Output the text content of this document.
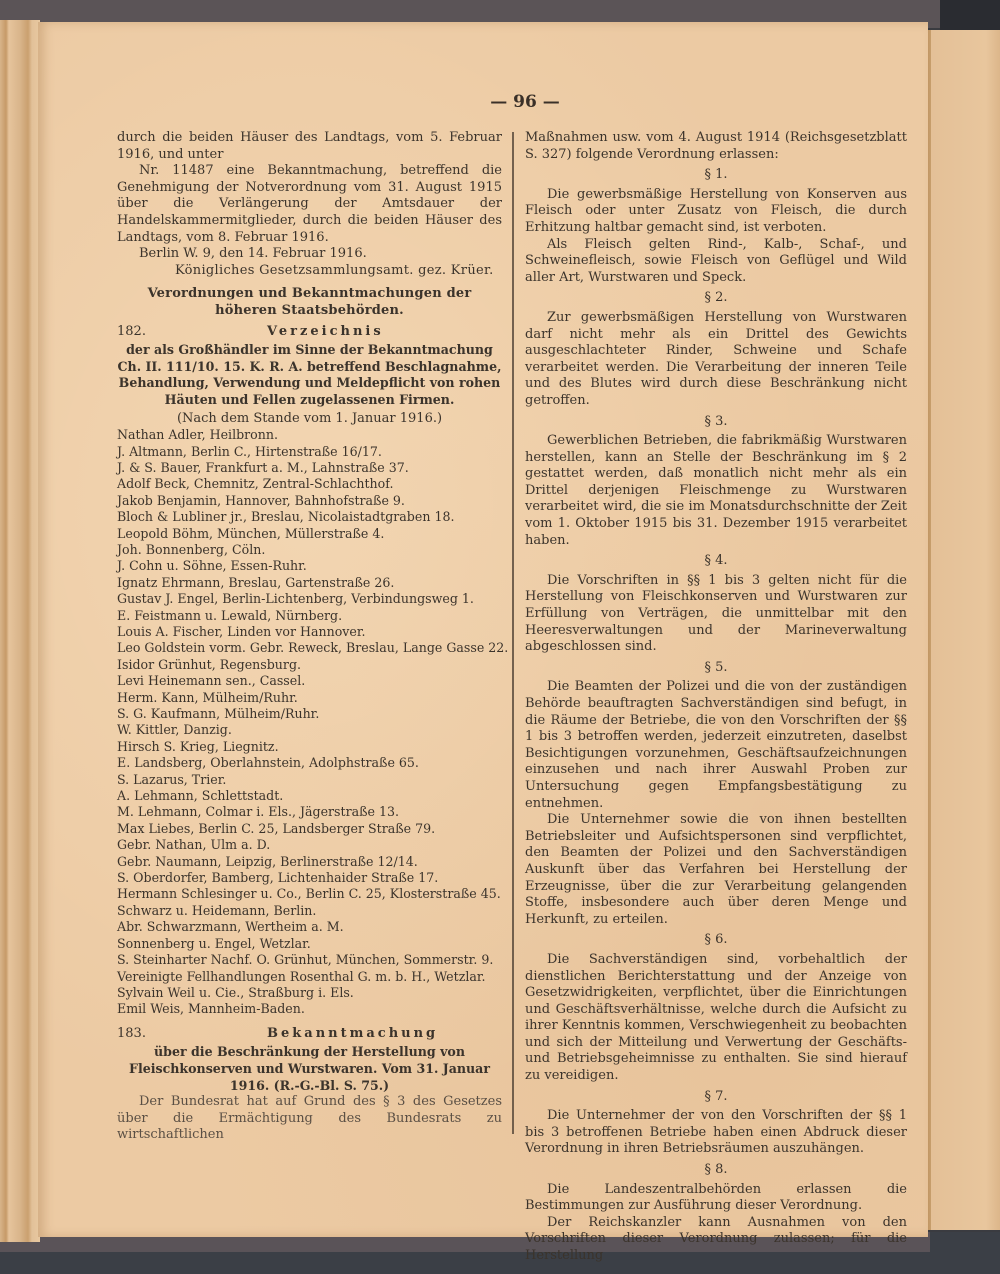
— 96 —

durch die beiden Häuser des Landtags, vom 5. Februar 1916, und unter

Nr. 11487 eine Bekanntmachung, betreffend die Genehmigung der Notverordnung vom 31. August 1915 über die Verlängerung der Amtsdauer der Handelskammermitglieder, durch die beiden Häuser des Landtags, vom 8. Februar 1916.

Berlin W. 9, den 14. Februar 1916.

Königliches Gesetzsammlungsamt. gez. Krüer.

Verordnungen und Bekanntmachungen der höheren Staatsbehörden.
182.	Verzeichnis
der als Großhändler im Sinne der Bekanntmachung Ch. II. 111/10. 15. K. R. A. betreffend Beschlagnahme, Behandlung, Verwendung und Meldepflicht von rohen Häuten und Fellen zugelassenen Firmen.
(Nach dem Stande vom 1. Januar 1916.)

Nathan Adler, Heilbronn.

J. Altmann, Berlin C., Hirtenstraße 16/17.

J. & S. Bauer, Frankfurt a. M., Lahnstraße 37.

Adolf Beck, Chemnitz, Zentral-Schlachthof.

Jakob Benjamin, Hannover, Bahnhofstraße 9.

Bloch & Lubliner jr., Breslau, Nicolaistadtgraben 18.

Leopold Böhm, München, Müllerstraße 4.

Joh. Bonnenberg, Cöln.

J. Cohn u. Söhne, Essen-Ruhr.

Ignatz Ehrmann, Breslau, Gartenstraße 26.

Gustav J. Engel, Berlin-Lichtenberg, Verbindungsweg 1.

E. Feistmann u. Lewald, Nürnberg.

Louis A. Fischer, Linden vor Hannover.

Leo Goldstein vorm. Gebr. Reweck, Breslau, Lange Gasse 22.

Isidor Grünhut, Regensburg.

Levi Heinemann sen., Cassel.

Herm. Kann, Mülheim/Ruhr.

S. G. Kaufmann, Mülheim/Ruhr.

W. Kittler, Danzig.

Hirsch S. Krieg, Liegnitz.

E. Landsberg, Oberlahnstein, Adolphstraße 65.

S. Lazarus, Trier.

A. Lehmann, Schlettstadt.

M. Lehmann, Colmar i. Els., Jägerstraße 13.

Max Liebes, Berlin C. 25, Landsberger Straße 79.

Gebr. Nathan, Ulm a. D.

Gebr. Naumann, Leipzig, Berlinerstraße 12/14.

S. Oberdorfer, Bamberg, Lichtenhaider Straße 17.

Hermann Schlesinger u. Co., Berlin C. 25, Klosterstraße 45.

Schwarz u. Heidemann, Berlin.

Abr. Schwarzmann, Wertheim a. M.

Sonnenberg u. Engel, Wetzlar.

S. Steinharter Nachf. O. Grünhut, München, Sommerstr. 9.

Vereinigte Fellhandlungen Rosenthal G. m. b. H., Wetzlar.

Sylvain Weil u. Cie., Straßburg i. Els.

Emil Weis, Mannheim-Baden.

183.	Bekanntmachung
über die Beschränkung der Herstellung von Fleischkonserven und Wurstwaren. Vom 31. Januar 1916. (R.-G.-Bl. S. 75.)

Der Bundesrat hat auf Grund des § 3 des Gesetzes über die Ermächtigung des Bundesrats zu wirtschaftlichen

Maßnahmen usw. vom 4. August 1914 (Reichsgesetzblatt S. 327) folgende Verordnung erlassen:

§ 1.

Die gewerbsmäßige Herstellung von Konserven aus Fleisch oder unter Zusatz von Fleisch, die durch Erhitzung haltbar gemacht sind, ist verboten.

Als Fleisch gelten Rind-, Kalb-, Schaf-, und Schweinefleisch, sowie Fleisch von Geflügel und Wild aller Art, Wurstwaren und Speck.

§ 2.

Zur gewerbsmäßigen Herstellung von Wurstwaren darf nicht mehr als ein Drittel des Gewichts ausgeschlachteter Rinder, Schweine und Schafe verarbeitet werden. Die Verarbeitung der inneren Teile und des Blutes wird durch diese Beschränkung nicht getroffen.

§ 3.

Gewerblichen Betrieben, die fabrikmäßig Wurstwaren herstellen, kann an Stelle der Beschränkung im § 2 gestattet werden, daß monatlich nicht mehr als ein Drittel derjenigen Fleischmenge zu Wurstwaren verarbeitet wird, die sie im Monatsdurchschnitte der Zeit vom 1. Oktober 1915 bis 31. Dezember 1915 verarbeitet haben.

§ 4.

Die Vorschriften in §§ 1 bis 3 gelten nicht für die Herstellung von Fleischkonserven und Wurstwaren zur Erfüllung von Verträgen, die unmittelbar mit den Heeresverwaltungen und der Marineverwaltung abgeschlossen sind.

§ 5.

Die Beamten der Polizei und die von der zuständigen Behörde beauftragten Sachverständigen sind befugt, in die Räume der Betriebe, die von den Vorschriften der §§ 1 bis 3 betroffen werden, jederzeit einzutreten, daselbst Besichtigungen vorzunehmen, Geschäftsaufzeichnungen einzusehen und nach ihrer Auswahl Proben zur Untersuchung gegen Empfangsbestätigung zu entnehmen.

Die Unternehmer sowie die von ihnen bestellten Betriebsleiter und Aufsichtspersonen sind verpflichtet, den Beamten der Polizei und den Sachverständigen Auskunft über das Verfahren bei Herstellung der Erzeugnisse, über die zur Verarbeitung gelangenden Stoffe, insbesondere auch über deren Menge und Herkunft, zu erteilen.

§ 6.

Die Sachverständigen sind, vorbehaltlich der dienstlichen Berichterstattung und der Anzeige von Gesetzwidrigkeiten, verpflichtet, über die Einrichtungen und Geschäftsverhältnisse, welche durch die Aufsicht zu ihrer Kenntnis kommen, Verschwiegenheit zu beobachten und sich der Mitteilung und Verwertung der Geschäfts- und Betriebsgeheimnisse zu enthalten. Sie sind hierauf zu vereidigen.

§ 7.

Die Unternehmer der von den Vorschriften der §§ 1 bis 3 betroffenen Betriebe haben einen Abdruck dieser Verordnung in ihren Betriebsräumen auszuhängen.

§ 8.

Die Landeszentralbehörden erlassen die Bestimmungen zur Ausführung dieser Verordnung.

Der Reichskanzler kann Ausnahmen von den Vorschriften dieser Verordnung zulassen; für die Herstellung
